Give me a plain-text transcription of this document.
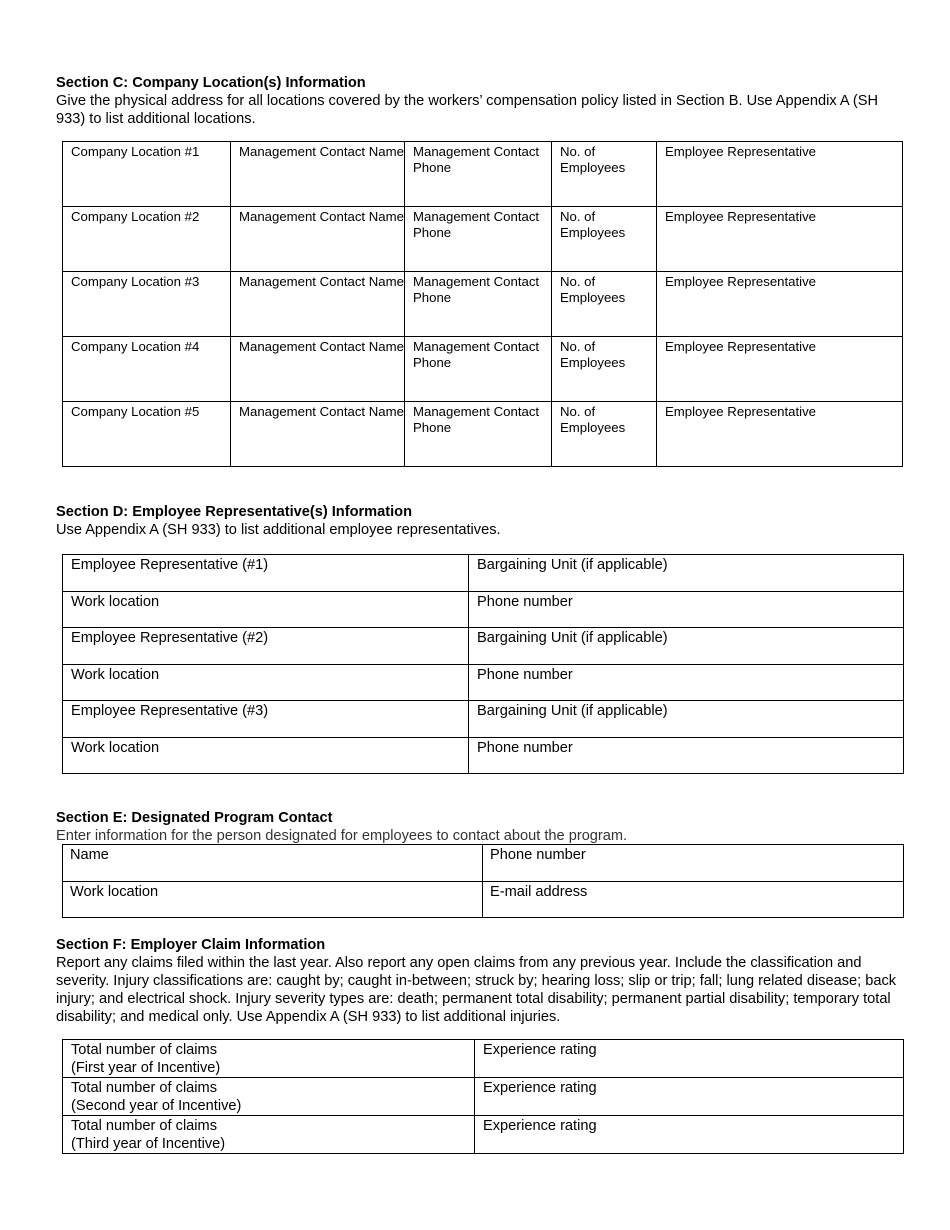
Section C: Company Location(s) Information

Give the physical address for all locations covered by the workers’ compensation policy listed in Section B. Use Appendix A (SH 933) to list additional locations.

Company Location #1	Management Contact Name	Management Contact Phone	No. of Employees	Employee Representative

Company Location #2	Management Contact Name	Management Contact Phone	No. of Employees	Employee Representative

Company Location #3	Management Contact Name	Management Contact Phone	No. of Employees	Employee Representative

Company Location #4	Management Contact Name	Management Contact Phone	No. of Employees	Employee Representative

Company Location #5	Management Contact Name	Management Contact Phone	No. of Employees	Employee Representative

Section D: Employee Representative(s) Information

Use Appendix A (SH 933) to list additional employee representatives.

Employee Representative (#1)	Bargaining Unit (if applicable)

Work location	Phone number

Employee Representative (#2)	Bargaining Unit (if applicable)

Work location	Phone number

Employee Representative (#3)	Bargaining Unit (if applicable)

Work location	Phone number

Section E: Designated Program Contact

Enter information for the person designated for employees to contact about the program.

Name	Phone number

Work location	E-mail address

Section F: Employer Claim Information

Report any claims filed within the last year. Also report any open claims from any previous year. Include the classification and severity. Injury classifications are: caught by; caught in-between; struck by; hearing loss; slip or trip; fall; lung related disease; back injury; and electrical shock. Injury severity types are: death; permanent total disability; permanent partial disability; temporary total disability; and medical only. Use Appendix A (SH 933) to list additional injuries.

Total number of claims
(First year of Incentive)	Experience rating

Total number of claims
(Second year of Incentive)	Experience rating

Total number of claims
(Third year of Incentive)	Experience rating
